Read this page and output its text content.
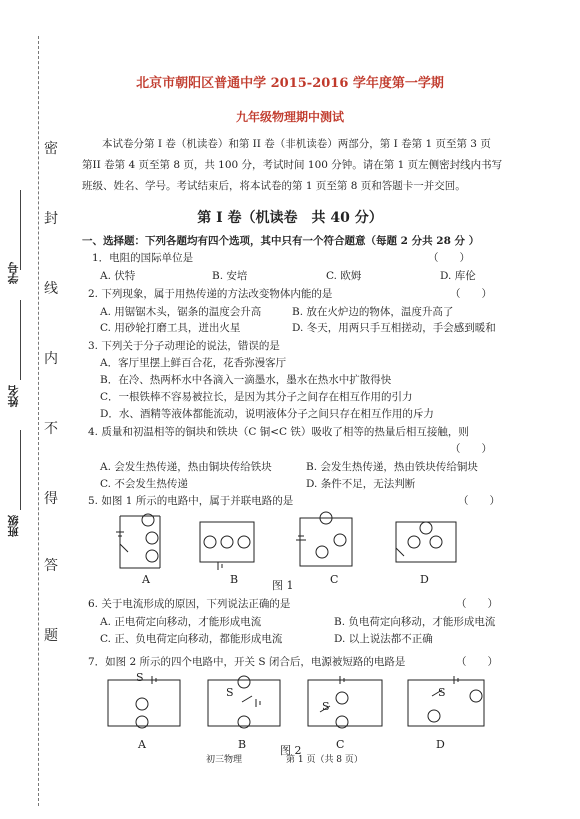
密
封
线
内
不
得
答
题
学号
姓名
班级
北京市朝阳区普通中学 2015-2016 学年度第一学期
九年级物理期中测试
本试卷分第 I 卷（机读卷）和第 II 卷（非机读卷）两部分，第 I 卷第 1 页至第 3 页
第II 卷第 4 页至第 8 页，共 100 分，考试时间 100 分钟。请在第 1 页左侧密封线内书写
班级、姓名、学号。考试结束后，将本试卷的第 1 页至第 8 页和答题卡一并交回。
第 I 卷（机读卷　共 40 分）
一、选择题：下列各题均有四个选项，其中只有一个符合题意（每题 2 分共 28 分 ）
1．电阻的国际单位是	（　　）
A. 伏特	B. 安培	C. 欧姆	D. 库伦
2. 下列现象，属于用热传递的方法改变物体内能的是	（　　）
A. 用锯锯木头，锯条的温度会升高	B. 放在火炉边的物体，温度升高了
C. 用砂轮打磨工具，迸出火星	D. 冬天，用两只手互相搓动，手会感到暖和
3. 下列关于分子动理论的说法，错误的是
A．客厅里摆上鲜百合花，花香弥漫客厅
B．在冷、热两杯水中各滴入一滴墨水，墨水在热水中扩散得快
C．一根铁棒不容易被拉长，是因为其分子之间存在相互作用的引力
D．水、酒精等液体都能流动，说明液体分子之间只存在相互作用的斥力
4. 质量和初温相等的铜块和铁块（C 铜<C 铁）吸收了相等的热量后相互接触，则
（　　）
A. 会发生热传递，热由铜块传给铁块	B. 会发生热传递，热由铁块传给铜块
C. 不会发生热传递	D. 条件不足，无法判断
5. 如图 1 所示的电路中，属于并联电路的是	（　　）
A	B	图 1	C	D
6. 关于电流形成的原因，下列说法正确的是	（　　）
A. 正电荷定向移动，才能形成电流	B. 负电荷定向移动，才能形成电流
C. 正、负电荷定向移动，都能形成电流	D. 以上说法都不正确
7．如图 2 所示的四个电路中，开关 S 闭合后，电源被短路的电路是	（　　）
S
S
S
S
A	B	图 2	C	D
初三物理	第 1 页（共 8 页）
